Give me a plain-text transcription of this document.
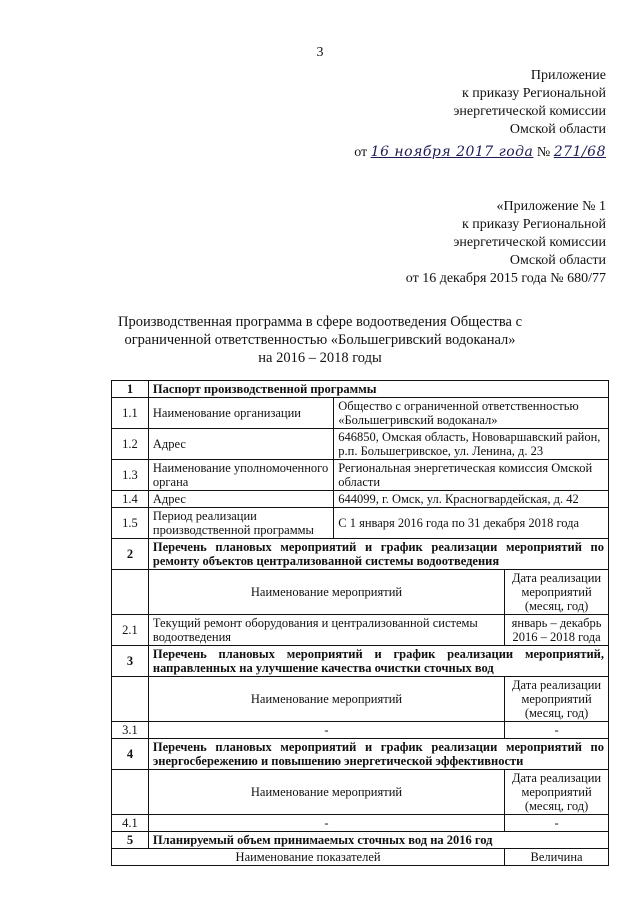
3
Приложение
к приказу Региональной
энергетической комиссии
Омской области
от 16 ноября 2017 года № 271/68
«Приложение № 1
к приказу Региональной
энергетической комиссии
Омской области
от 16 декабря 2015 года № 680/77
Производственная программа в сфере водоотведения Общества с
ограниченной ответственностью «Большегривский водоканал»
на 2016 – 2018 годы
1	Паспорт производственной программы		
1.1	Наименование организации	Общество с ограниченной ответственностью «Большегривский водоканал»	
1.2	Адрес	646850, Омская область, Нововаршавский район, р.п. Большегривское, ул. Ленина, д. 23	
1.3	Наименование уполномоченного органа	Региональная энергетическая комиссия Омской области	
1.4	Адрес	644099, г. Омск, ул. Красногвардейская, д. 42	
1.5	Период реализации производственной программы	С 1 января 2016 года по 31 декабря 2018 года	
2	Перечень плановых мероприятий и график реализации мероприятий по ремонту объектов централизованной системы водоотведения		
	Наименование мероприятий		Дата реализации мероприятий (месяц, год)
2.1	Текущий ремонт оборудования и централизованной системы водоотведения		январь – декабрь 2016 – 2018 года
3	Перечень плановых мероприятий и график реализации мероприятий, направленных на улучшение качества очистки сточных вод		
	Наименование мероприятий		Дата реализации мероприятий (месяц, год)
3.1	-		-
4	Перечень плановых мероприятий и график реализации мероприятий по энергосбережению и повышению энергетической эффективности		
	Наименование мероприятий		Дата реализации мероприятий (месяц, год)
4.1	-		-
5	Планируемый объем принимаемых сточных вод на 2016 год		
Наименование показателей			Величина
